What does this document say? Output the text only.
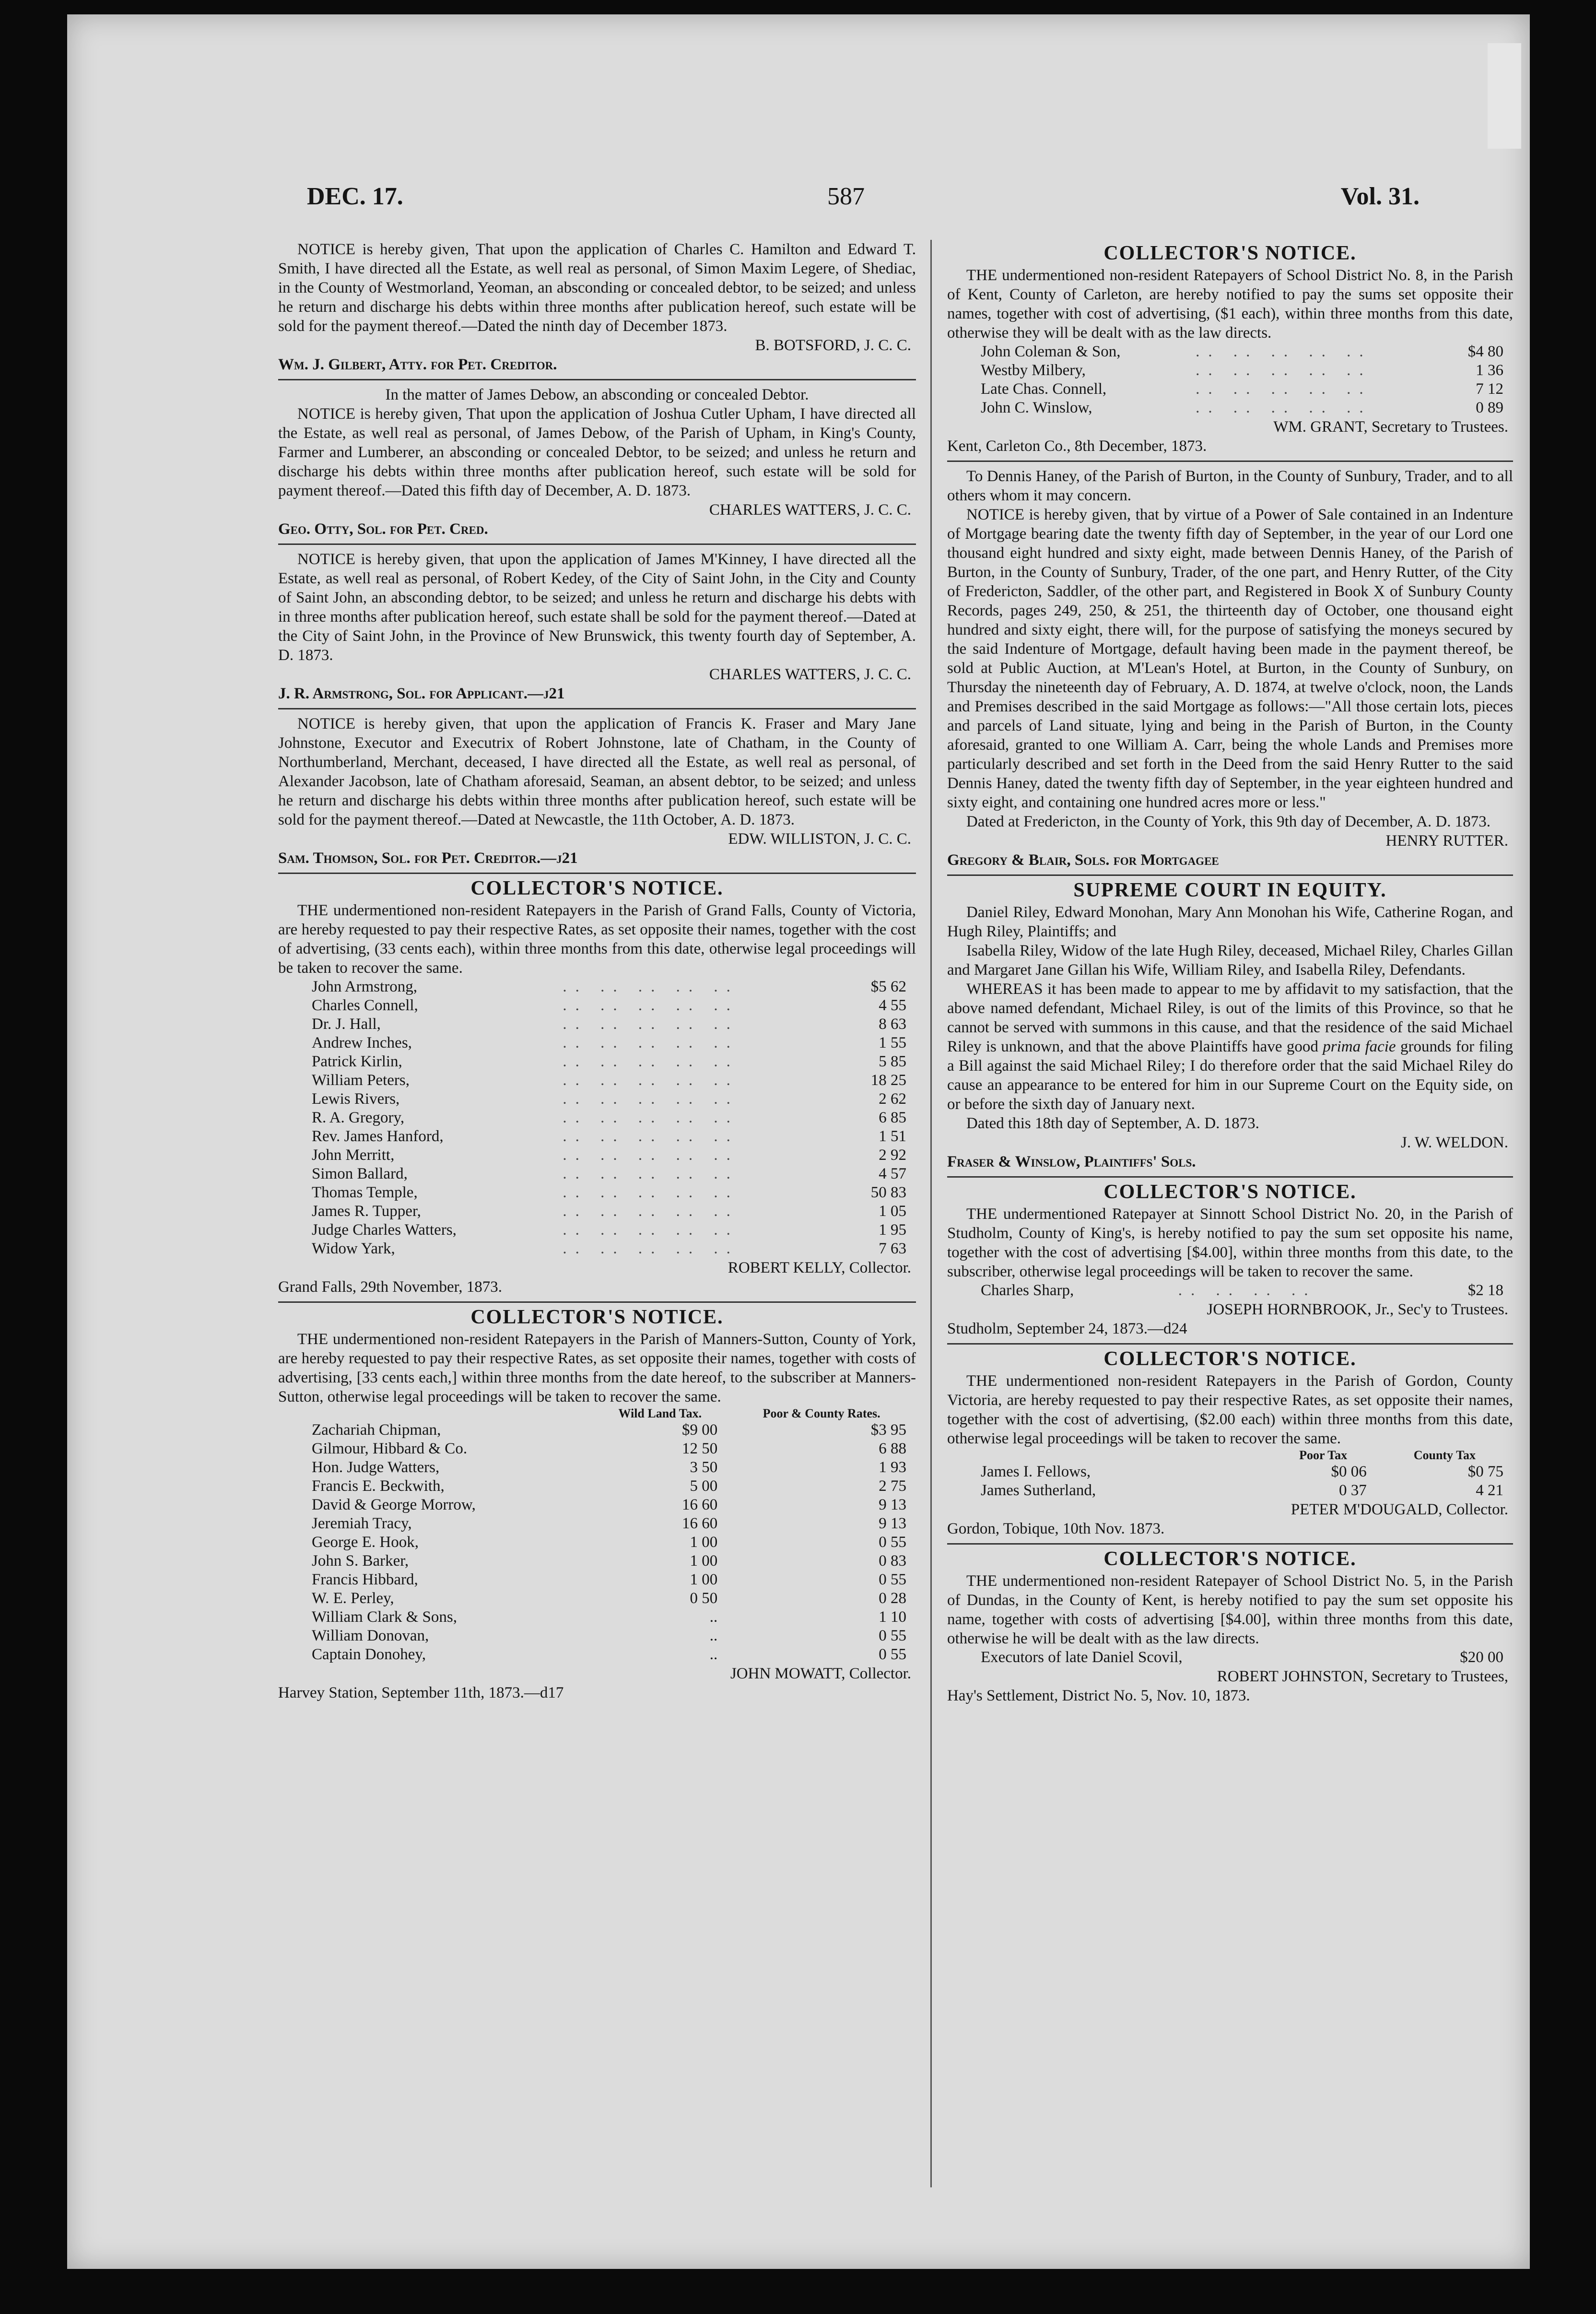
DEC. 17.	587	Vol. 31.

NOTICE is hereby given, That upon the application of Charles C. Hamilton and Edward T. Smith, I have directed all the Estate, as well real as personal, of Simon Maxim Legere, of Shediac, in the County of Westmorland, Yeoman, an absconding or concealed debtor, to be seized; and unless he return and discharge his debts within three months after publication hereof, such estate will be sold for the payment thereof.—Dated the ninth day of December 1873.

B. BOTSFORD, J. C. C.

Wm. J. Gilbert, Atty. for Pet. Creditor.

In the matter of James Debow, an absconding or concealed Debtor.

NOTICE is hereby given, That upon the application of Joshua Cutler Upham, I have directed all the Estate, as well real as personal, of James Debow, of the Parish of Upham, in King's County, Farmer and Lumberer, an absconding or concealed Debtor, to be seized; and unless he return and discharge his debts within three months after publication hereof, such estate will be sold for payment thereof.—Dated this fifth day of December, A. D. 1873.

CHARLES WATTERS, J. C. C.

Geo. Otty, Sol. for Pet. Cred.

NOTICE is hereby given, that upon the application of James M'Kinney, I have directed all the Estate, as well real as personal, of Robert Kedey, of the City of Saint John, in the City and County of Saint John, an absconding debtor, to be seized; and unless he return and discharge his debts with in three months after publication hereof, such estate shall be sold for the payment thereof.—Dated at the City of Saint John, in the Province of New Brunswick, this twenty fourth day of September, A. D. 1873.

CHARLES WATTERS, J. C. C.

J. R. Armstrong, Sol. for Applicant.—j21

NOTICE is hereby given, that upon the application of Francis K. Fraser and Mary Jane Johnstone, Executor and Executrix of Robert Johnstone, late of Chatham, in the County of Northumberland, Merchant, deceased, I have directed all the Estate, as well real as personal, of Alexander Jacobson, late of Chatham aforesaid, Seaman, an absent debtor, to be seized; and unless he return and discharge his debts within three months after publication hereof, such estate will be sold for the payment thereof.—Dated at Newcastle, the 11th October, A. D. 1873.

EDW. WILLISTON, J. C. C.

Sam. Thomson, Sol. for Pet. Creditor.—j21

COLLECTOR'S NOTICE.

THE undermentioned non-resident Ratepayers in the Parish of Grand Falls, County of Victoria, are hereby requested to pay their respective Rates, as set opposite their names, together with the cost of advertising, (33 cents each), within three months from this date, otherwise legal proceedings will be taken to recover the same.

John Armstrong,	.. .. .. .. ..	$5 62
Charles Connell,	.. .. .. .. ..	4 55
Dr. J. Hall,	.. .. .. .. ..	8 63
Andrew Inches,	.. .. .. .. ..	1 55
Patrick Kirlin,	.. .. .. .. ..	5 85
William Peters,	.. .. .. .. ..	18 25
Lewis Rivers,	.. .. .. .. ..	2 62
R. A. Gregory,	.. .. .. .. ..	6 85
Rev. James Hanford,	.. .. .. .. ..	1 51
John Merritt,	.. .. .. .. ..	2 92
Simon Ballard,	.. .. .. .. ..	4 57
Thomas Temple,	.. .. .. .. ..	50 83
James R. Tupper,	.. .. .. .. ..	1 05
Judge Charles Watters,	.. .. .. .. ..	1 95
Widow Yark,	.. .. .. .. ..	7 63

ROBERT KELLY, Collector.

Grand Falls, 29th November, 1873.

COLLECTOR'S NOTICE.

THE undermentioned non-resident Ratepayers in the Parish of Manners-Sutton, County of York, are hereby requested to pay their respective Rates, as set opposite their names, together with costs of advertising, [33 cents each,] within three months from the date hereof, to the subscriber at Manners-Sutton, otherwise legal proceedings will be taken to recover the same.

	Wild Land Tax.	Poor & County Rates.
Zachariah Chipman,	$9 00	$3 95
Gilmour, Hibbard & Co.	12 50	6 88
Hon. Judge Watters,	3 50	1 93
Francis E. Beckwith,	5 00	2 75
David & George Morrow,	16 60	9 13
Jeremiah Tracy,	16 60	9 13
George E. Hook,	1 00	0 55
John S. Barker,	1 00	0 83
Francis Hibbard,	1 00	0 55
W. E. Perley,	0 50	0 28
William Clark & Sons,	..	1 10
William Donovan,	..	0 55
Captain Donohey,	..	0 55

JOHN MOWATT, Collector.

Harvey Station, September 11th, 1873.—d17

COLLECTOR'S NOTICE.

THE undermentioned non-resident Ratepayers of School District No. 8, in the Parish of Kent, County of Carleton, are hereby notified to pay the sums set opposite their names, together with cost of advertising, ($1 each), within three months from this date, otherwise they will be dealt with as the law directs.

John Coleman & Son,	.. .. .. .. ..	$4 80
Westby Milbery,	.. .. .. .. ..	1 36
Late Chas. Connell,	.. .. .. .. ..	7 12
John C. Winslow,	.. .. .. .. ..	0 89

WM. GRANT, Secretary to Trustees.

Kent, Carleton Co., 8th December, 1873.

To Dennis Haney, of the Parish of Burton, in the County of Sunbury, Trader, and to all others whom it may concern.

NOTICE is hereby given, that by virtue of a Power of Sale contained in an Indenture of Mortgage bearing date the twenty fifth day of September, in the year of our Lord one thousand eight hundred and sixty eight, made between Dennis Haney, of the Parish of Burton, in the County of Sunbury, Trader, of the one part, and Henry Rutter, of the City of Fredericton, Saddler, of the other part, and Registered in Book X of Sunbury County Records, pages 249, 250, & 251, the thirteenth day of October, one thousand eight hundred and sixty eight, there will, for the purpose of satisfying the moneys secured by the said Indenture of Mortgage, default having been made in the payment thereof, be sold at Public Auction, at M'Lean's Hotel, at Burton, in the County of Sunbury, on Thursday the nineteenth day of February, A. D. 1874, at twelve o'clock, noon, the Lands and Premises described in the said Mortgage as follows:—"All those certain lots, pieces and parcels of Land situate, lying and being in the Parish of Burton, in the County aforesaid, granted to one William A. Carr, being the whole Lands and Premises more particularly described and set forth in the Deed from the said Henry Rutter to the said Dennis Haney, dated the twenty fifth day of September, in the year eighteen hundred and sixty eight, and containing one hundred acres more or less."

Dated at Fredericton, in the County of York, this 9th day of December, A. D. 1873.

HENRY RUTTER.

Gregory & Blair, Sols. for Mortgagee

SUPREME COURT IN EQUITY.

Daniel Riley, Edward Monohan, Mary Ann Monohan his Wife, Catherine Rogan, and Hugh Riley, Plaintiffs; and

Isabella Riley, Widow of the late Hugh Riley, deceased, Michael Riley, Charles Gillan and Margaret Jane Gillan his Wife, William Riley, and Isabella Riley, Defendants.

WHEREAS it has been made to appear to me by affidavit to my satisfaction, that the above named defendant, Michael Riley, is out of the limits of this Province, so that he cannot be served with summons in this cause, and that the residence of the said Michael Riley is unknown, and that the above Plaintiffs have good prima facie grounds for filing a Bill against the said Michael Riley; I do therefore order that the said Michael Riley do cause an appearance to be entered for him in our Supreme Court on the Equity side, on or before the sixth day of January next.

Dated this 18th day of September, A. D. 1873.

J. W. WELDON.

Fraser & Winslow, Plaintiffs' Sols.

COLLECTOR'S NOTICE.

THE undermentioned Ratepayer at Sinnott School District No. 20, in the Parish of Studholm, County of King's, is hereby notified to pay the sum set opposite his name, together with the cost of advertising [$4.00], within three months from this date, to the subscriber, otherwise legal proceedings will be taken to recover the same.

Charles Sharp,	.. .. .. ..	$2 18

JOSEPH HORNBROOK, Jr., Sec'y to Trustees.

Studholm, September 24, 1873.—d24

COLLECTOR'S NOTICE.

THE undermentioned non-resident Ratepayers in the Parish of Gordon, County Victoria, are hereby requested to pay their respective Rates, as set opposite their names, together with the cost of advertising, ($2.00 each) within three months from this date, otherwise legal proceedings will be taken to recover the same.

	Poor Tax	County Tax
James I. Fellows,	$0 06	$0 75
James Sutherland,	0 37	4 21

PETER M'DOUGALD, Collector.

Gordon, Tobique, 10th Nov. 1873.

COLLECTOR'S NOTICE.

THE undermentioned non-resident Ratepayer of School District No. 5, in the Parish of Dundas, in the County of Kent, is hereby notified to pay the sum set opposite his name, together with costs of advertising [$4.00], within three months from this date, otherwise he will be dealt with as the law directs.

Executors of late Daniel Scovil,	$20 00

ROBERT JOHNSTON, Secretary to Trustees,

Hay's Settlement, District No. 5, Nov. 10, 1873.
